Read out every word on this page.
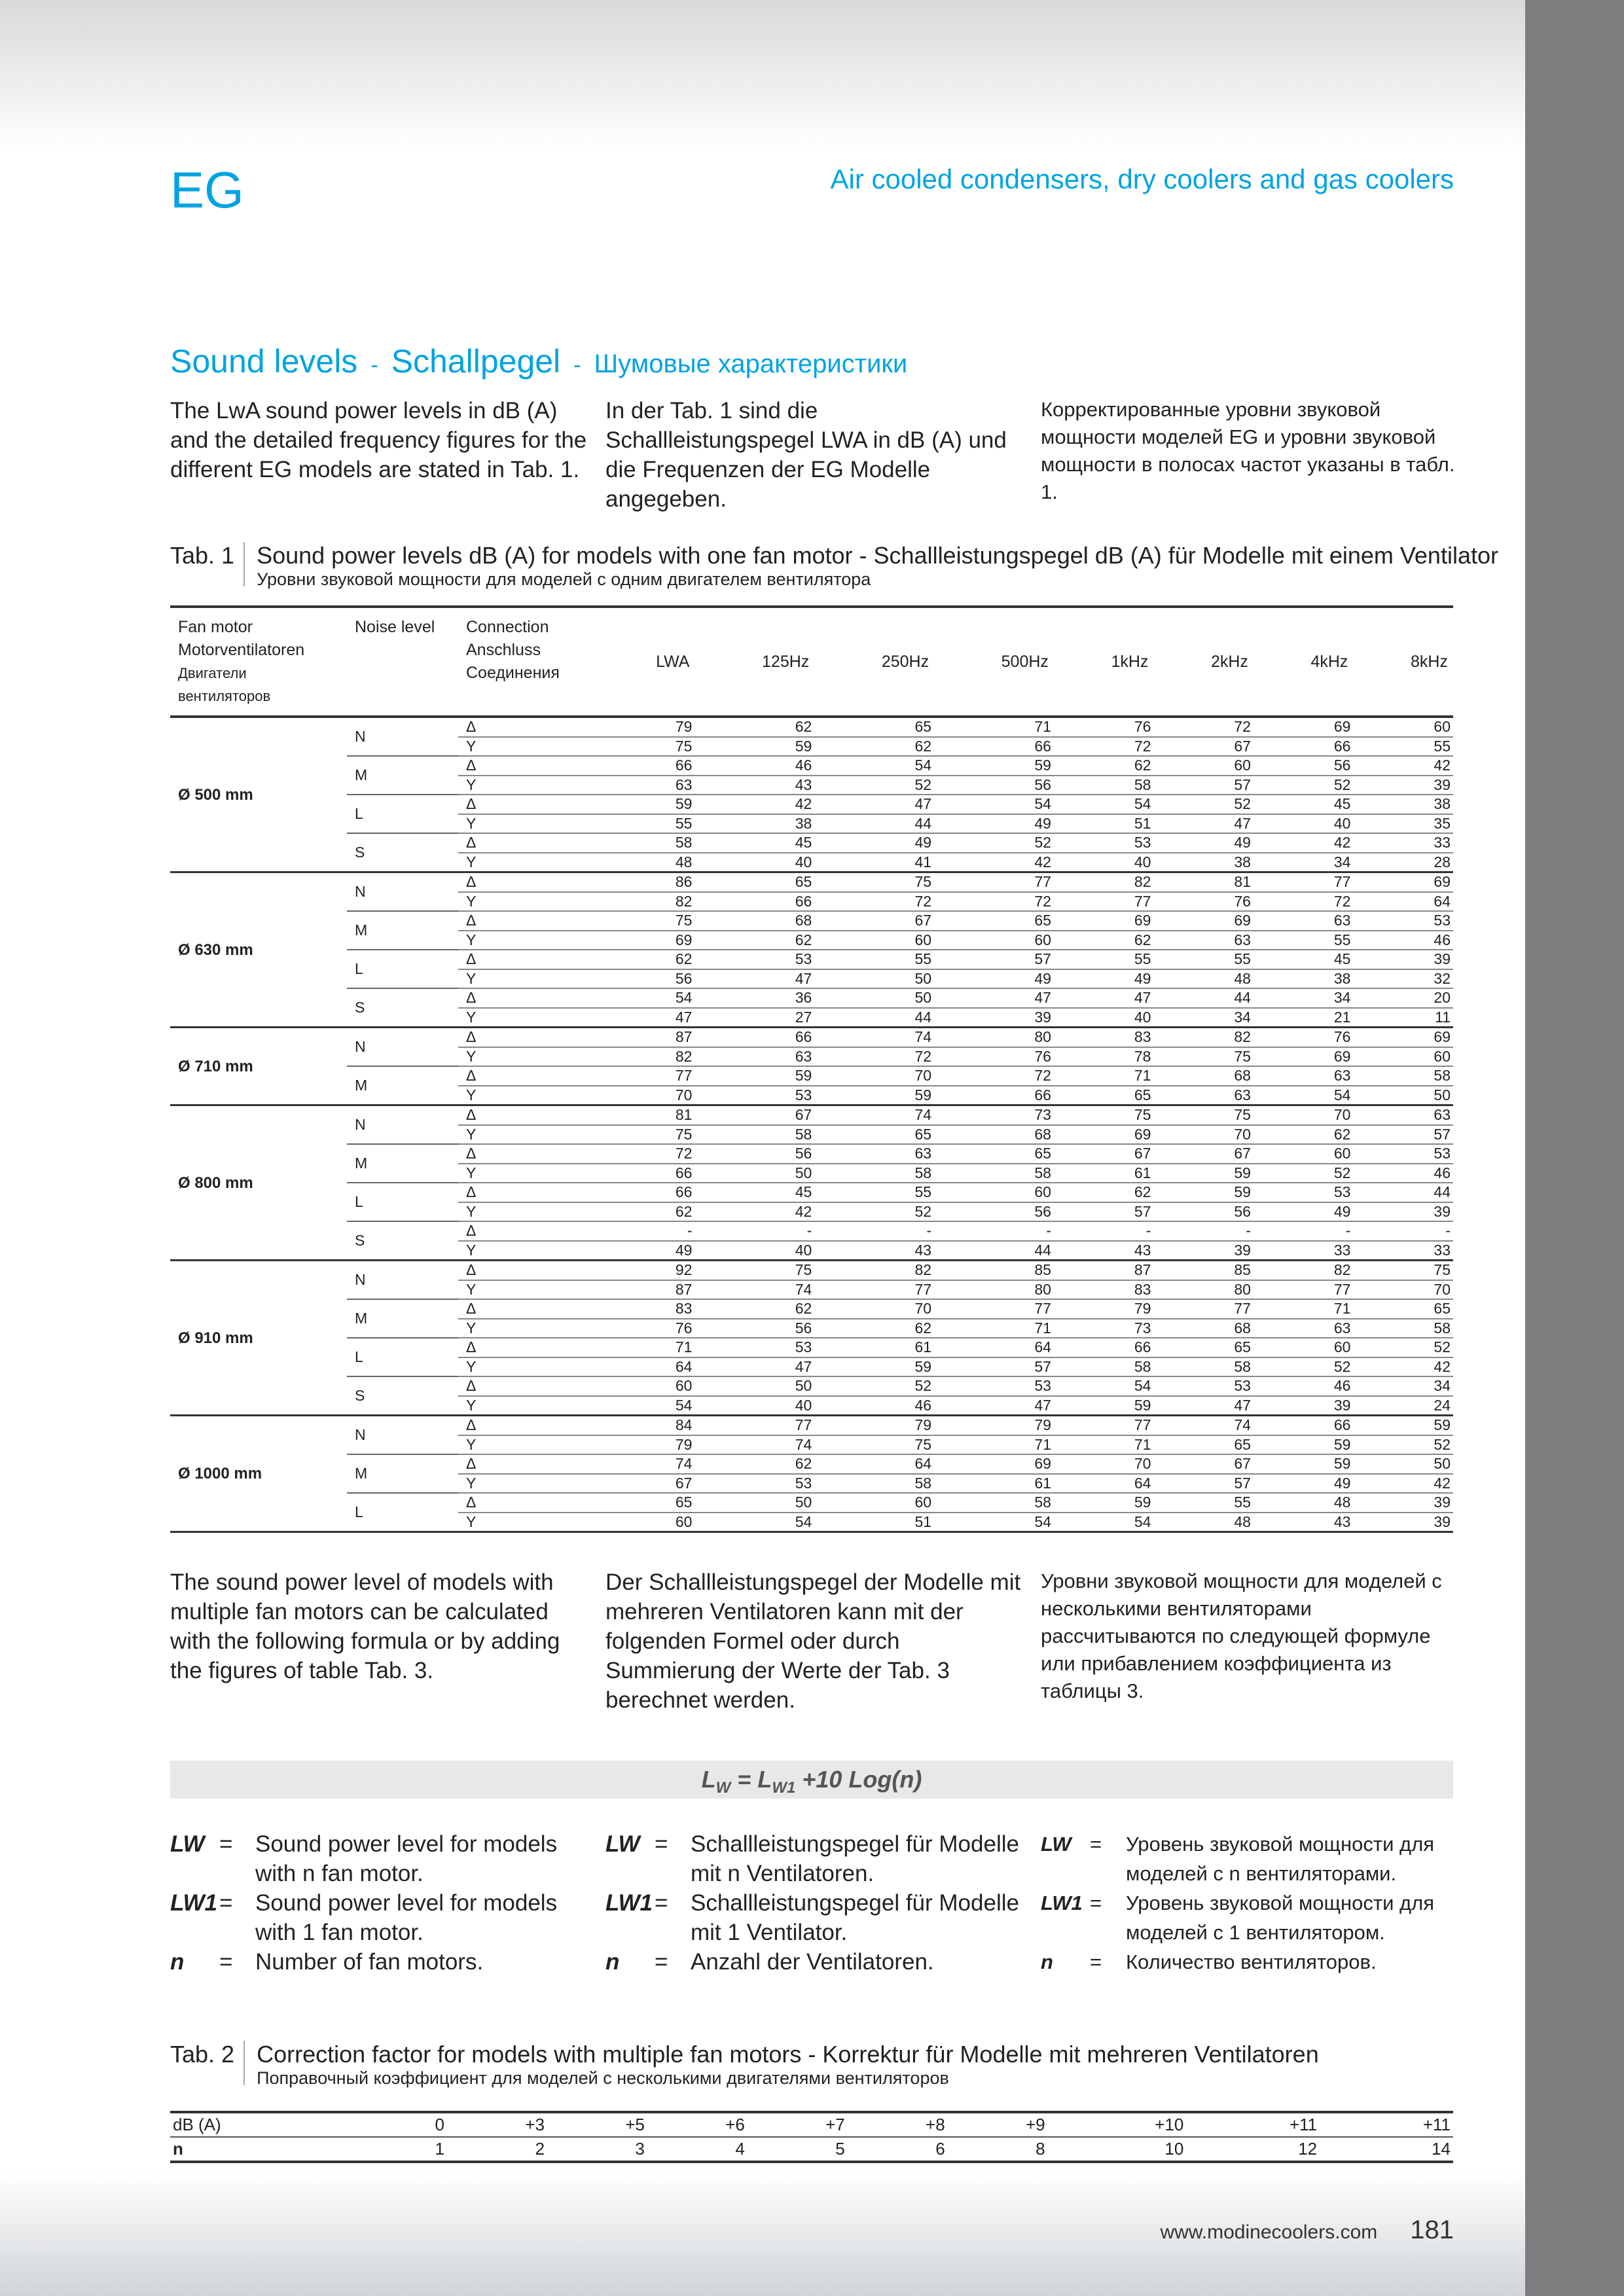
EG	Air cooled condensers, dry coolers and gas coolers
Sound levels - Schallpegel - Шумовые характеристики
The LwA sound power levels in dB (A) and the detailed frequency figures for the different EG models are stated in Tab. 1.
In der Tab. 1 sind die Schallleistungspegel LWA in dB (A) und die Frequenzen der EG Modelle angegeben.
Корректированные уровни звуковой мощности моделей EG и уровни звуковой мощности в полосах частот указаны в табл. 1.
Tab. 1 Sound power levels dB (A) for models with one fan motor - Schallleistungspegel dB (A) für Modelle mit einem Ventilator
Уровни звуковой мощности для моделей с одним двигателем вентилятора
Fan motor
Motorventilatoren
Двигатели вентиляторов
	Noise level	Connection
Anschluss
Соединения
	LWA	125Hz	250Hz	500Hz	1kHz	2kHz	4kHz	8kHz
Ø 500 mm	N	Δ	79	62	65	71	76	72	69	60
		Y	75	59	62	66	72	67	66	55
	M	Δ	66	46	54	59	62	60	56	42
		Y	63	43	52	56	58	57	52	39
	L	Δ	59	42	47	54	54	52	45	38
		Y	55	38	44	49	51	47	40	35
	S	Δ	58	45	49	52	53	49	42	33
		Y	48	40	41	42	40	38	34	28
Ø 630 mm	N	Δ	86	65	75	77	82	81	77	69
		Y	82	66	72	72	77	76	72	64
	M	Δ	75	68	67	65	69	69	63	53
		Y	69	62	60	60	62	63	55	46
	L	Δ	62	53	55	57	55	55	45	39
		Y	56	47	50	49	49	48	38	32
	S	Δ	54	36	50	47	47	44	34	20
		Y	47	27	44	39	40	34	21	11
Ø 710 mm	N	Δ	87	66	74	80	83	82	76	69
		Y	82	63	72	76	78	75	69	60
	M	Δ	77	59	70	72	71	68	63	58
		Y	70	53	59	66	65	63	54	50
Ø 800 mm	N	Δ	81	67	74	73	75	75	70	63
		Y	75	58	65	68	69	70	62	57
	M	Δ	72	56	63	65	67	67	60	53
		Y	66	50	58	58	61	59	52	46
	L	Δ	66	45	55	60	62	59	53	44
		Y	62	42	52	56	57	56	49	39
	S	Δ	-	-	-	-	-	-	-	-
		Y	49	40	43	44	43	39	33	33
Ø 910 mm	N	Δ	92	75	82	85	87	85	82	75
		Y	87	74	77	80	83	80	77	70
	M	Δ	83	62	70	77	79	77	71	65
		Y	76	56	62	71	73	68	63	58
	L	Δ	71	53	61	64	66	65	60	52
		Y	64	47	59	57	58	58	52	42
	S	Δ	60	50	52	53	54	53	46	34
		Y	54	40	46	47	59	47	39	24
Ø 1000 mm	N	Δ	84	77	79	79	77	74	66	59
		Y	79	74	75	71	71	65	59	52
	M	Δ	74	62	64	69	70	67	59	50
		Y	67	53	58	61	64	57	49	42
	L	Δ	65	50	60	58	59	55	48	39
		Y	60	54	51	54	54	48	43	39
The sound power level of models with multiple fan motors can be calculated with the following formula or by adding the figures of table Tab. 3.
Der Schallleistungspegel der Modelle mit mehreren Ventilatoren kann mit der folgenden Formel oder durch Summierung der Werte der Tab. 3 berechnet werden.
Уровни звуковой мощности для моделей с несколькими вентиляторами рассчитываются по следующей формуле или прибавлением коэффициента из таблицы 3.
$L_W = L_{W1} +10$ Log(n)
LW = Sound power level for models with n fan motor.
LW1 = Sound power level for models with 1 fan motor.
n	= Number of fan motors.
LW = Schallleistungspegel für Modelle mit n Ventilatoren.
LW1 = Schallleistungspegel für Modelle mit 1 Ventilator.
n	= Anzahl der Ventilatoren.
LW =	Уровень звуковой мощности для моделей с n вентиляторами.
LW1 =	Уровень звуковой мощности для моделей с 1 вентилятором.
n	=	Количество вентиляторов.
Tab. 2 Correction factor for models with multiple fan motors - Korrektur für Modelle mit mehreren Ventilatoren
Поправочный коэффициент для моделей с несколькими двигателями вентиляторов
dB (A)	0	+3	+5	+6	+7	+8	+9	+10	+11	+11
n	1	2	3	4	5	6	8	10	12	14
www.modinecoolers.com 181
